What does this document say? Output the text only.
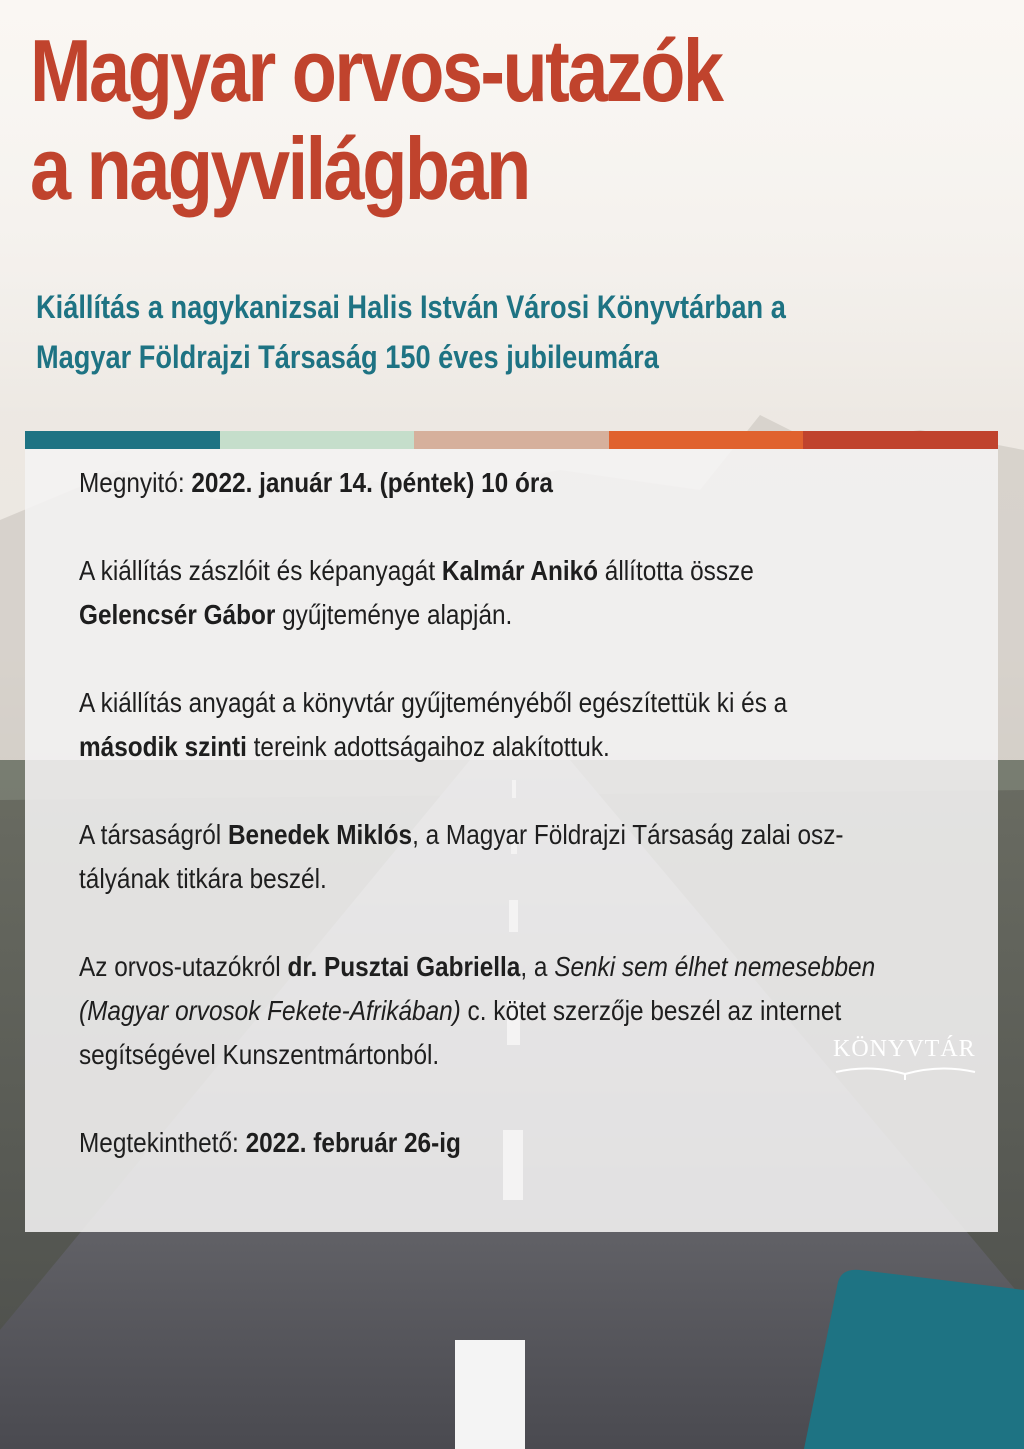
Magyar orvos-utazók
a nagyvilágban
Kiállítás a nagykanizsai Halis István Városi Könyvtárban a
Magyar Földrajzi Társaság 150 éves jubileumára

Megnyitó: 2022. január 14. (péntek) 10 óra

A kiállítás zászlóit és képanyagát Kalmár Anikó állította össze
Gelencsér Gábor gyűjteménye alapján.

A kiállítás anyagát a könyvtár gyűjteményéből egészítettük ki és a
második szinti tereink adottságaihoz alakítottuk.

A társaságról Benedek Miklós, a Magyar Földrajzi Társaság zalai osz-
tályának titkára beszél.

Az orvos-utazókról dr. Pusztai Gabriella, a Senki sem élhet nemesebben
(Magyar orvosok Fekete-Afrikában) c. kötet szerzője beszél az internet
segítségével Kunszentmártonból.

Megtekinthető: 2022. február 26-ig

KÖNYVTÁR
